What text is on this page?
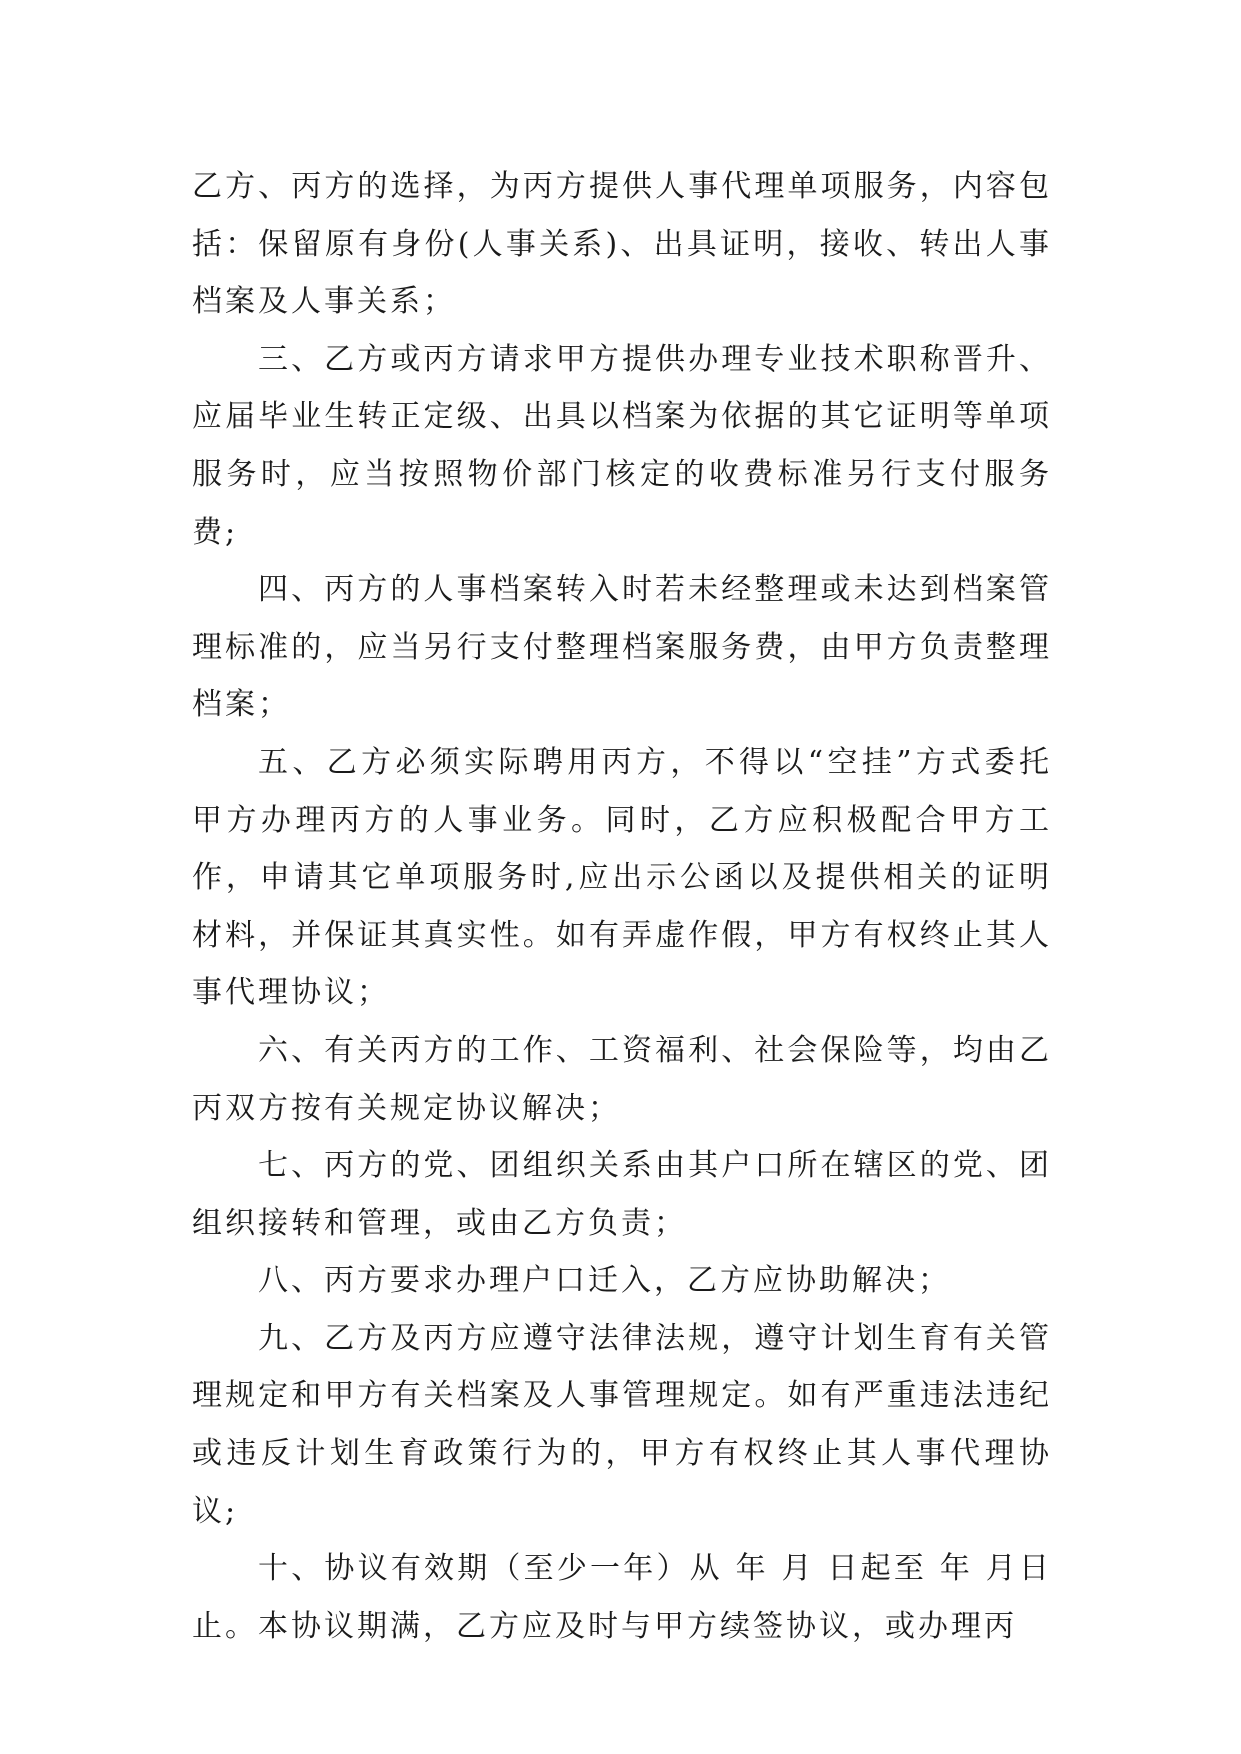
乙方、丙方的选择，为丙方提供人事代理单项服务，内容包括：保留原有身份(人事关系)、出具证明，接收、转出人事档案及人事关系；

三、乙方或丙方请求甲方提供办理专业技术职称晋升、应届毕业生转正定级、出具以档案为依据的其它证明等单项服务时，应当按照物价部门核定的收费标准另行支付服务费;

四、丙方的人事档案转入时若未经整理或未达到档案管理标准的，应当另行支付整理档案服务费，由甲方负责整理档案；

五、乙方必须实际聘用丙方，不得以“空挂”方式委托甲方办理丙方的人事业务。同时，乙方应积极配合甲方工作，申请其它单项服务时,应出示公函以及提供相关的证明材料，并保证其真实性。如有弄虚作假，甲方有权终止其人事代理协议；

六、有关丙方的工作、工资福利、社会保险等，均由乙丙双方按有关规定协议解决；

七、丙方的党、团组织关系由其户口所在辖区的党、团组织接转和管理，或由乙方负责；

八、丙方要求办理户口迁入，乙方应协助解决；

九、乙方及丙方应遵守法律法规，遵守计划生育有关管理规定和甲方有关档案及人事管理规定。如有严重违法违纪或违反计划生育政策行为的，甲方有权终止其人事代理协议;

十、协议有效期（至少一年）从 年 月 日起至 年 月日止。本协议期满，乙方应及时与甲方续签协议，或办理丙
